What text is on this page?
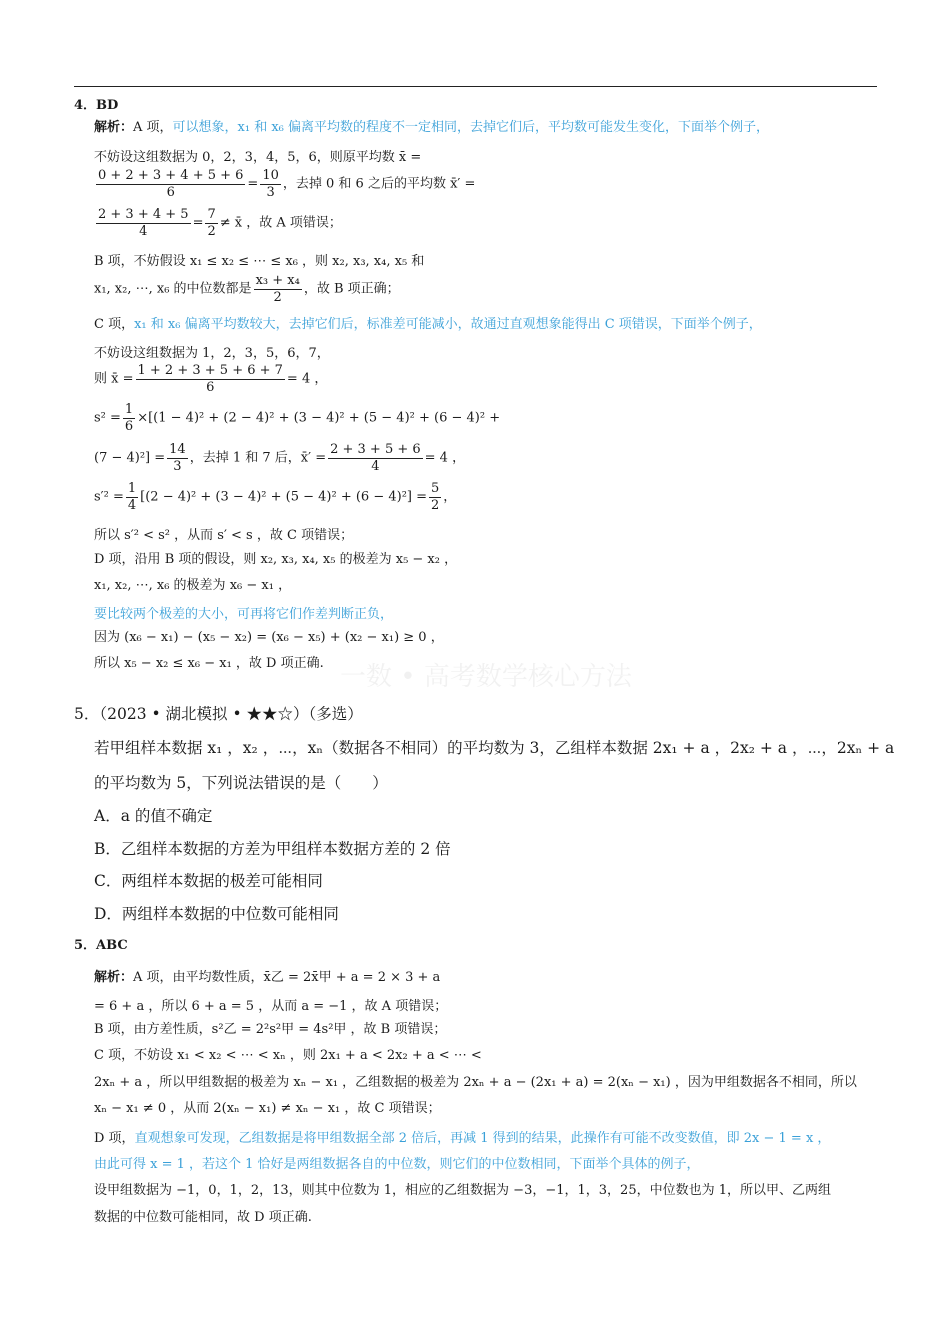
一数 • 高考数学核心方法
4．BD
解析：A 项，可以想象，x₁ 和 x₆ 偏离平均数的程度不一定相同，去掉它们后，平均数可能发生变化，下面举个例子，
不妨设这组数据为 0，2，3，4，5，6，则原平均数 x̄ =
$\frac{0 + 2 + 3 + 4 + 5 + 6}{6} = \frac{10}{3}$ ，去掉 0 和 6 之后的平均数 x̄′ =
$\frac{2 + 3 + 4 + 5}{4} = \frac{7}{2}$ ≠ x̄ ，故 A 项错误；
B 项，不妨假设 x₁ ≤ x₂ ≤ ⋯ ≤ x₆ ，则 x₂, x₃, x₄, x₅ 和
x₁, x₂, ⋯, x₆ 的中位数都是 $\frac{\text{x₃ + x₄}}{2}$ ，故 B 项正确；
C 项，x₁ 和 x₆ 偏离平均数较大，去掉它们后，标准差可能减小，故通过直观想象能得出 C 项错误，下面举个例子，
不妨设这组数据为 1，2，3，5，6，7，
则 x̄ = $\frac{1 + 2 + 3 + 5 + 6 + 7}{6} = 4$ ，
$s^2 = \frac{1}{6} \times[(1 - 4)^2 + (2 - 4)^2 + (3 - 4)^2 + (5 - 4)^2 + (6 - 4)^2$ +
$(7 - 4)^2] = \frac{14}{3}$ ，去掉 1 和 7 后，x̄′ = $\frac{2 + 3 + 5 + 6}{4} = 4$ ，
$s'^2 = \frac{1}{4} [(2 - 4)^2 + (3 - 4)^2 + (5 - 4)^2 + (6 - 4)^2] = \frac{5}{2}$ ，
所以 s′² < s² ，从而 s′ < s ，故 C 项错误；
D 项，沿用 B 项的假设，则 x₂, x₃, x₄, x₅ 的极差为 x₅ − x₂ ，
x₁, x₂, ⋯, x₆ 的极差为 x₆ − x₁ ，
要比较两个极差的大小，可再将它们作差判断正负，
因为 (x₆ − x₁) − (x₅ − x₂) = (x₆ − x₅) + (x₂ − x₁) ≥ 0 ，
所以 x₅ − x₂ ≤ x₆ − x₁ ，故 D 项正确.
5．（2023 • 湖北模拟 • ★★☆）（多选）
若甲组样本数据 x₁ ，x₂ ，⋯，xₙ（数据各不相同）的平均数为 3，乙组样本数据 2x₁ + a ，2x₂ + a ，⋯，2xₙ + a
的平均数为 5，下列说法错误的是（　　）
A．a 的值不确定
B．乙组样本数据的方差为甲组样本数据方差的 2 倍
C．两组样本数据的极差可能相同
D．两组样本数据的中位数可能相同
5．ABC
解析：A 项，由平均数性质，x̄乙 = 2x̄甲 + a = 2 × 3 + a
= 6 + a ，所以 6 + a = 5 ，从而 a = −1 ，故 A 项错误；
B 项，由方差性质，s²乙 = 2²s²甲 = 4s²甲 ，故 B 项错误；
C 项，不妨设 x₁ < x₂ < ⋯ < xₙ ，则 2x₁ + a < 2x₂ + a < ⋯ <
2xₙ + a ，所以甲组数据的极差为 xₙ − x₁ ，乙组数据的极差为 2xₙ + a − (2x₁ + a) = 2(xₙ − x₁) ，因为甲组数据各不相同，所以
xₙ − x₁ ≠ 0 ，从而 2(xₙ − x₁) ≠ xₙ − x₁ ，故 C 项错误；
D 项，直观想象可发现，乙组数据是将甲组数据全部 2 倍后，再减 1 得到的结果，此操作有可能不改变数值，即 2x − 1 = x ，
由此可得 x = 1 ，若这个 1 恰好是两组数据各自的中位数，则它们的中位数相同，下面举个具体的例子，
设甲组数据为 −1，0，1，2，13，则其中位数为 1，相应的乙组数据为 −3，−1，1，3，25，中位数也为 1，所以甲、乙两组
数据的中位数可能相同，故 D 项正确.
